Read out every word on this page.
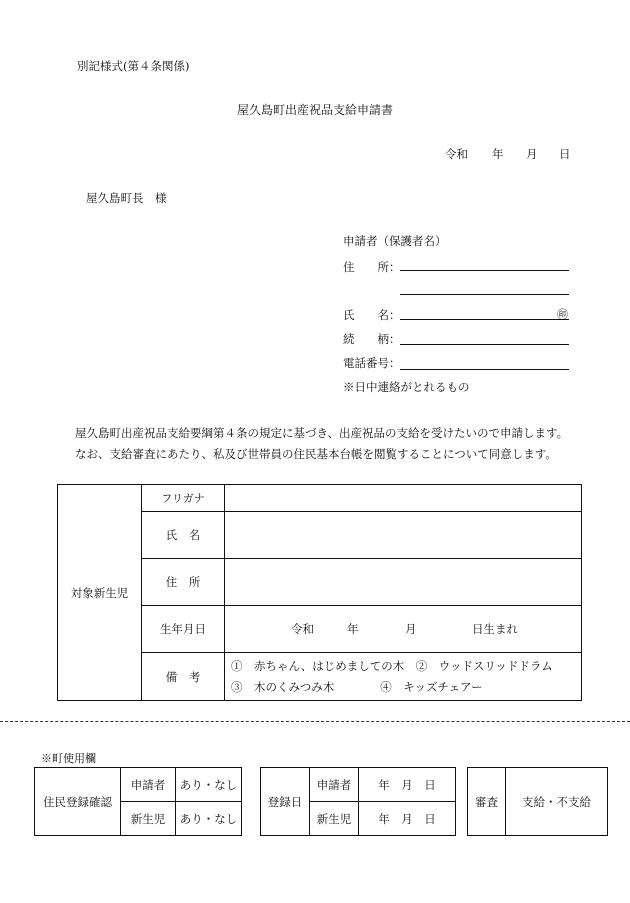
別記様式(第４条関係)
屋久島町出産祝品支給申請書
令和 年 月 日
屋久島町長　様
申請者（保護者名）
住　　所：
氏　　名：	㊞
続　　柄：
電話番号：
※日中連絡がとれるもの
屋久島町出産祝品支給要綱第４条の規定に基づき、出産祝品の支給を受けたいので申請します。
なお、支給審査にあたり、私及び世帯員の住民基本台帳を閲覧することについて同意します。
対象新生児	フリガナ	
	氏　名	
	住　所	
	生年月日	令和 年 月 日生まれ

	備　考	①　赤ちゃん、はじめましての木　②　ウッドスリッドドラム
③　木のくみつみ木　　　　④　キッズチェアー
※町使用欄
住民登録確認	申請者	あり・なし
	新生児	あり・なし
登録日	申請者	年　月　日
	新生児	年　月　日
審査	支給・不支給
